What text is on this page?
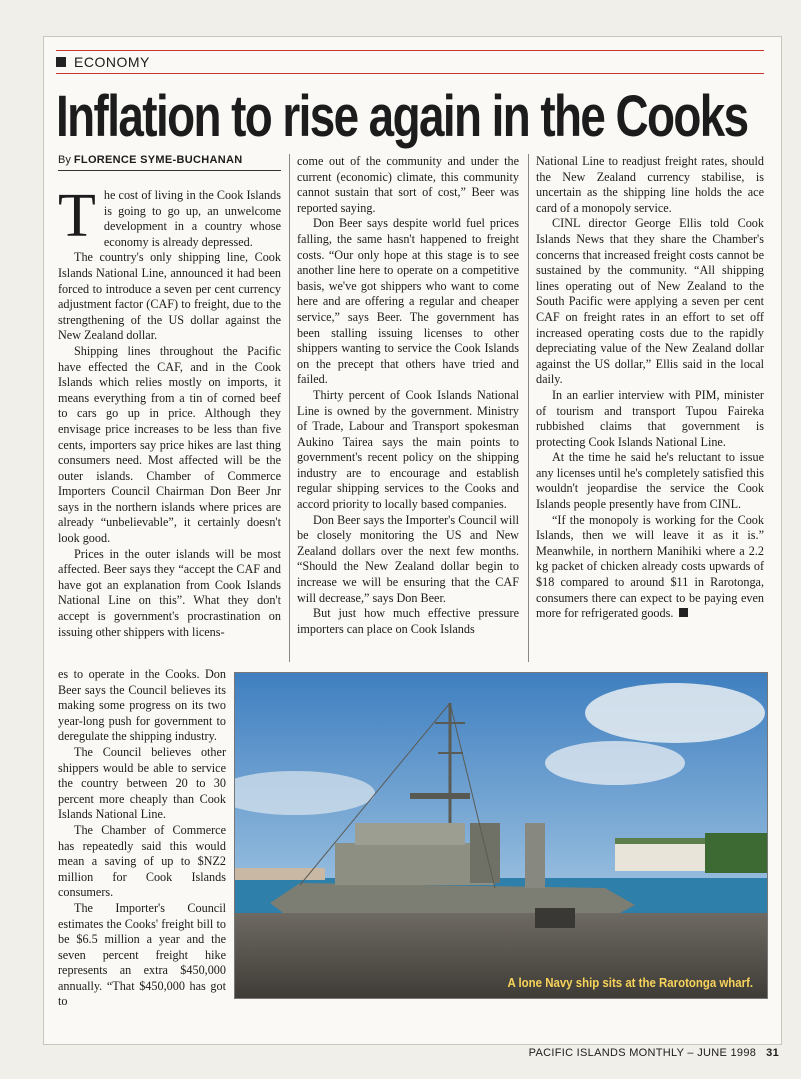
ECONOMY
Inflation to rise again in the Cooks
By FLORENCE SYME-BUCHANAN

The cost of living in the Cook Islands is going to go up, an unwelcome development in a country whose economy is already depressed.

The country's only shipping line, Cook Islands National Line, announced it had been forced to introduce a seven per cent currency adjustment factor (CAF) to freight, due to the strengthening of the US dollar against the New Zealand dollar.

Shipping lines throughout the Pacific have effected the CAF, and in the Cook Islands which relies mostly on imports, it means everything from a tin of corned beef to cars go up in price. Although they envisage price increases to be less than five cents, importers say price hikes are last thing consumers need. Most affected will be the outer islands. Chamber of Commerce Importers Council Chairman Don Beer Jnr says in the northern islands where prices are already “unbelievable”, it certainly doesn't look good.

Prices in the outer islands will be most affected. Beer says they “accept the CAF and have got an explanation from Cook Islands National Line on this”. What they don't accept is government's procrastination on issuing other shippers with licens-

es to operate in the Cooks. Don Beer says the Council believes its making some progress on its two year-long push for government to deregulate the shipping industry.

The Council believes other shippers would be able to service the country between 20 to 30 percent more cheaply than Cook Islands National Line.

The Chamber of Commerce has repeatedly said this would mean a saving of up to $NZ2 million for Cook Islands consumers.

The Importer's Council estimates the Cooks' freight bill to be $6.5 million a year and the seven percent freight hike represents an extra $450,000 annually. “That $450,000 has got to

come out of the community and under the current (economic) climate, this community cannot sustain that sort of cost,” Beer was reported saying.

Don Beer says despite world fuel prices falling, the same hasn't happened to freight costs. “Our only hope at this stage is to see another line here to operate on a competitive basis, we've got shippers who want to come here and are offering a regular and cheaper service,” says Beer. The government has been stalling issuing licenses to other shippers wanting to service the Cook Islands on the precept that others have tried and failed.

Thirty percent of Cook Islands National Line is owned by the government. Ministry of Trade, Labour and Transport spokesman Aukino Tairea says the main points to government's recent policy on the shipping industry are to encourage and establish regular shipping services to the Cooks and accord priority to locally based companies.

Don Beer says the Importer's Council will be closely monitoring the US and New Zealand dollars over the next few months. “Should the New Zealand dollar begin to increase we will be ensuring that the CAF will decrease,” says Don Beer.

But just how much effective pressure importers can place on Cook Islands

National Line to readjust freight rates, should the New Zealand currency stabilise, is uncertain as the shipping line holds the ace card of a monopoly service.

CINL director George Ellis told Cook Islands News that they share the Chamber's concerns that increased freight costs cannot be sustained by the community. “All shipping lines operating out of New Zealand to the South Pacific were applying a seven per cent CAF on freight rates in an effort to set off increased operating costs due to the rapidly depreciating value of the New Zealand dollar against the US dollar,” Ellis said in the local daily.

In an earlier interview with PIM, minister of tourism and transport Tupou Faireka rubbished claims that government is protecting Cook Islands National Line.

At the time he said he's reluctant to issue any licenses until he's completely satisfied this wouldn't jeopardise the service the Cook Islands people presently have from CINL.

“If the monopoly is working for the Cook Islands, then we will leave it as it is.” Meanwhile, in northern Manihiki where a 2.2 kg packet of chicken already costs upwards of $18 compared to around $11 in Rarotonga, consumers there can expect to be paying even more for refrigerated goods.

A lone Navy ship sits at the Rarotonga wharf.
PACIFIC ISLANDS MONTHLY – JUNE 1998 31
